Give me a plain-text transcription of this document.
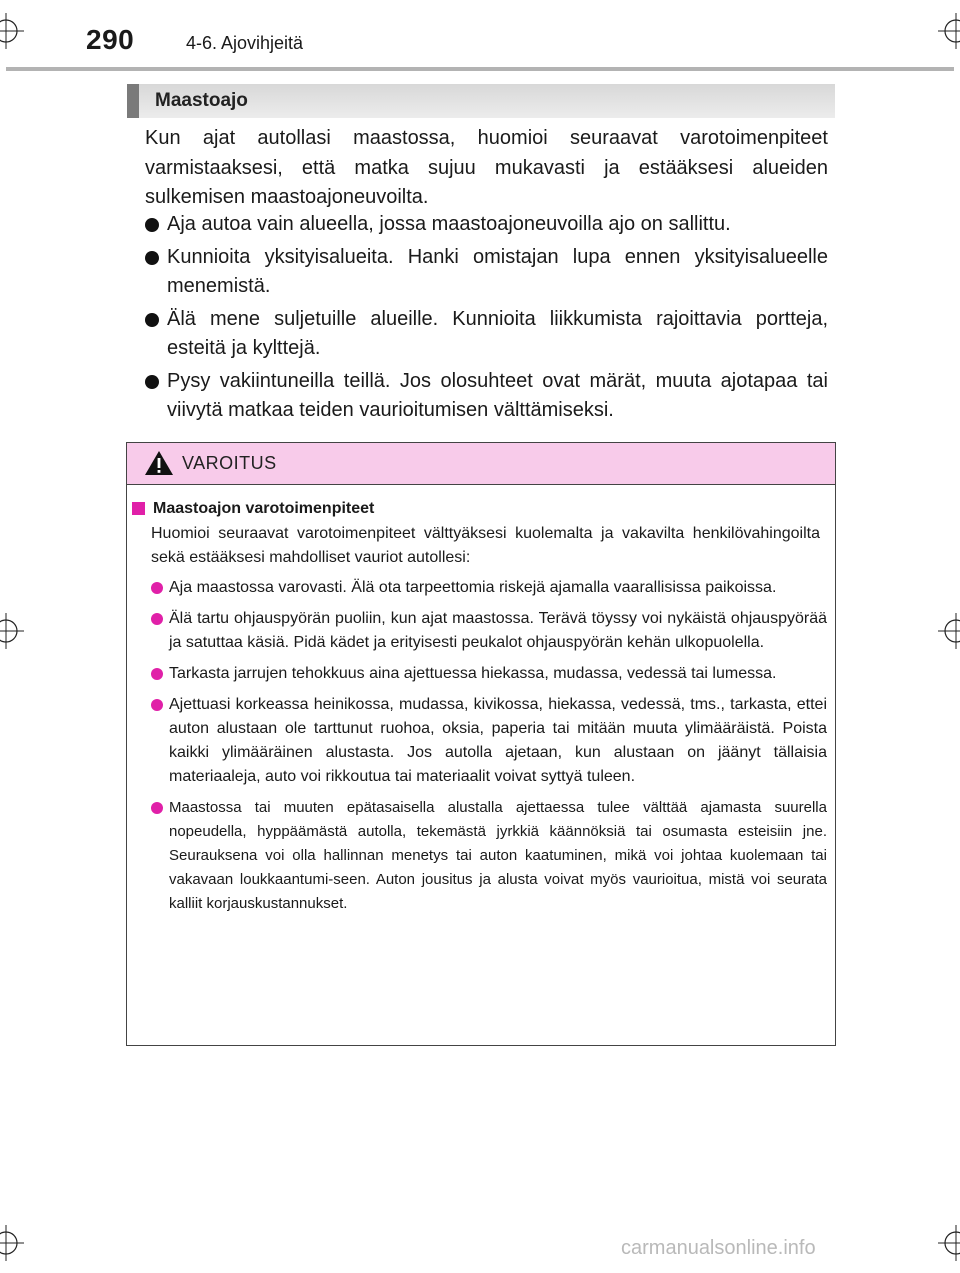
290	4-6. Ajovihjeitä
Maastoajo
Kun ajat autollasi maastossa, huomioi seuraavat varotoimenpiteet varmistaaksesi, että matka sujuu mukavasti ja estääksesi alueiden sulkemisen maastoajoneuvoilta.
Aja autoa vain alueella, jossa maastoajoneuvoilla ajo on sallittu.
Kunnioita yksityisalueita. Hanki omistajan lupa ennen yksityisalueelle menemistä.
Älä mene suljetuille alueille. Kunnioita liikkumista rajoittavia portteja, esteitä ja kylttejä.
Pysy vakiintuneilla teillä. Jos olosuhteet ovat märät, muuta ajotapaa tai viivytä matkaa teiden vaurioitumisen välttämiseksi.
VAROITUS
Maastoajon varotoimenpiteet
Huomioi seuraavat varotoimenpiteet välttyäksesi kuolemalta ja vakavilta henkilövahingoilta sekä estääksesi mahdolliset vauriot autollesi:
Aja maastossa varovasti. Älä ota tarpeettomia riskejä ajamalla vaarallisissa paikoissa.
Älä tartu ohjauspyörän puoliin, kun ajat maastossa. Terävä töyssy voi nykäistä ohjauspyörää ja satuttaa käsiä. Pidä kädet ja erityisesti peukalot ohjauspyörän kehän ulkopuolella.
Tarkasta jarrujen tehokkuus aina ajettuessa hiekassa, mudassa, vedessä tai lumessa.
Ajettuasi korkeassa heinikossa, mudassa, kivikossa, hiekassa, vedessä, tms., tarkasta, ettei auton alustaan ole tarttunut ruohoa, oksia, paperia tai mitään muuta ylimääräistä. Poista kaikki ylimääräinen alustasta. Jos autolla ajetaan, kun alustaan on jäänyt tällaisia materiaaleja, auto voi rikkoutua tai materiaalit voivat syttyä tuleen.
Maastossa tai muuten epätasaisella alustalla ajettaessa tulee välttää ajamasta suurella nopeudella, hyppäämästä autolla, tekemästä jyrkkiä käännöksiä tai osumasta esteisiin jne. Seurauksena voi olla hallinnan menetys tai auton kaatuminen, mikä voi johtaa kuolemaan tai vakavaan loukkaantumi-seen. Auton jousitus ja alusta voivat myös vaurioitua, mistä voi seurata kalliit korjauskustannukset.
carmanualsonline.info
